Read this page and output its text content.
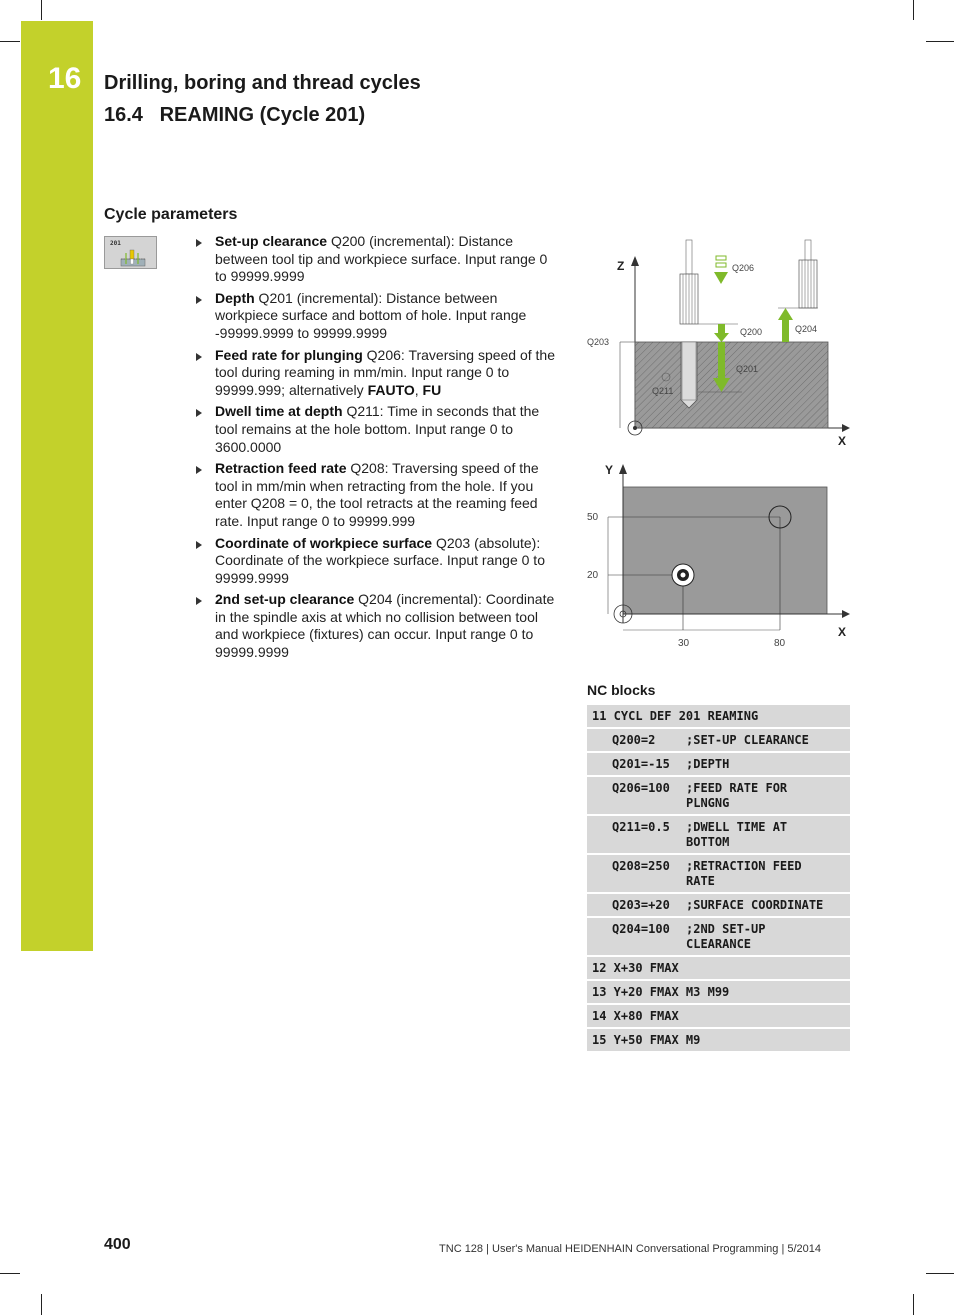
16 Drilling, boring and thread cycles
16.4   REAMING (Cycle 201)
Cycle parameters
201	Set-up clearance Q200 (incremental): Distance between tool tip and workpiece surface. Input range 0 to 99999.9999
Depth Q201 (incremental): Distance between workpiece surface and bottom of hole. Input range -99999.9999 to 99999.9999
Feed rate for plunging Q206: Traversing speed of the tool during reaming in mm/min. Input range 0 to 99999.999; alternatively FAUTO, FU
Dwell time at depth Q211: Time in seconds that the tool remains at the hole bottom. Input range 0 to 3600.0000
Retraction feed rate Q208: Traversing speed of the tool in mm/min when retracting from the hole. If you enter Q208 = 0, the tool retracts at the reaming feed rate. Input range 0 to 99999.999
Coordinate of workpiece surface Q203 (absolute): Coordinate of the workpiece surface. Input range 0 to 99999.9999
2nd set-up clearance Q204 (incremental): Coordinate in the spindle axis at which no collision between tool and workpiece (fixtures) can occur. Input range 0 to 99999.9999
Z
X
Q203
Q211
Q206
Q200
Q201
Q204
Y
X
50
20
30	80
NC blocks
11 CYCL DEF 201 REAMING
Q200=2	;SET-UP CLEARANCE
Q201=-15	;DEPTH
Q206=100	;FEED RATE FOR PLNGNG
Q211=0.5	;DWELL TIME AT BOTTOM
Q208=250	;RETRACTION FEED RATE
Q203=+20	;SURFACE COORDINATE
Q204=100	;2ND SET-UP CLEARANCE
12 X+30 FMAX
13 Y+20 FMAX M3 M99
14 X+80 FMAX
15 Y+50 FMAX M9
400	TNC 128 | User's Manual HEIDENHAIN Conversational Programming | 5/2014
